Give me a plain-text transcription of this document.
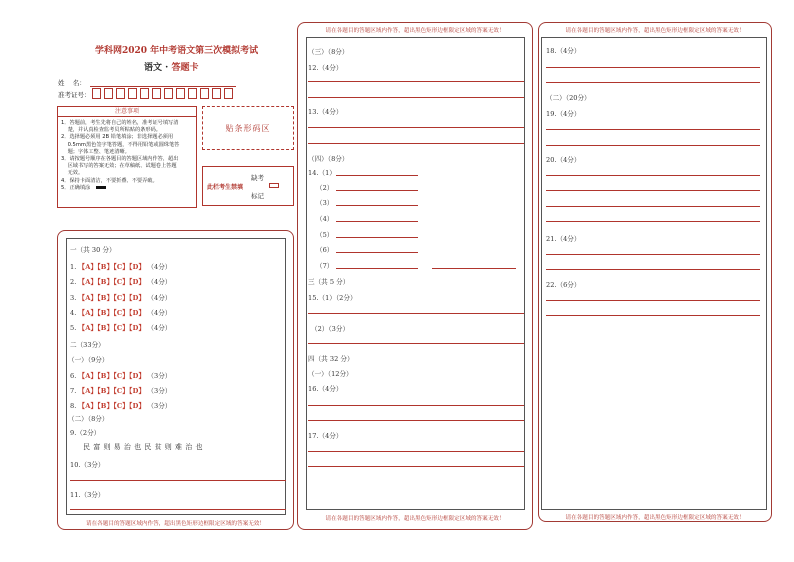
学科网2020 年中考语文第三次模拟考试
语文 · 答题卡
姓    名：
准考证号：
注意事项
1．答题前，考生先将自己的姓名，准考证号填写清
楚，并认真检查监考员所粘贴的条形码。
2．选择题必须用 2B 铅笔填涂；非选择题必须用
0.5mm黑色签字笔答题，不得用铅笔或圆珠笔答
题；字体工整、笔迹清晰。
3．请按题号顺序在各题目的答题区域内作答，超出
区域书写的答案无效；在草稿纸、试题卷上答题
无效。
4．保持卡面清洁，不要折叠、不要弄破。
5．正确填涂
贴条形码区
缺考
此栏考生禁填
标记
请在各题目的答题区域内作答，超出黑色矩形边框限定区域的答案无效！
一（共 30 分）
1. 【A】【B】【C】【D】 （4分）
2. 【A】【B】【C】【D】 （4分）
3. 【A】【B】【C】【D】 （4分）
4. 【A】【B】【C】【D】 （4分）
5. 【A】【B】【C】【D】 （4分）
二（33分）
（一）（9分）
6. 【A】【B】【C】【D】 （3分）
7. 【A】【B】【C】【D】 （3分）
8. 【A】【B】【C】【D】 （3分）
（二）（8分）
9.（2分）
民 富 则 易 治 也 民 贫 则 难 治 也
10.（3分）
11.（3分）
请在各题目的答题区域内作答，超出黑色矩形边框限定区域的答案无效！
请在各题目的答题区域内作答，超出黑色矩形边框限定区域的答案无效！
（三）（8分）
12.（4分）
13.（4分）
（四）（8分）
14.（1）
（2）
（3）
（4）
（5）
（6）
（7）
三（共 5 分）
15.（1）（2分）
（2）（3分）
四（共 32 分）
（一）（12分）
16.（4分）
17.（4分）
请在各题目的答题区域内作答，超出黑色矩形边框限定区域的答案无效！
请在各题目的答题区域内作答，超出黑色矩形边框限定区域的答案无效！
18.（4分）
（二）（20分）
19.（4分）
20.（4分）
21.（4分）
22.（6分）
